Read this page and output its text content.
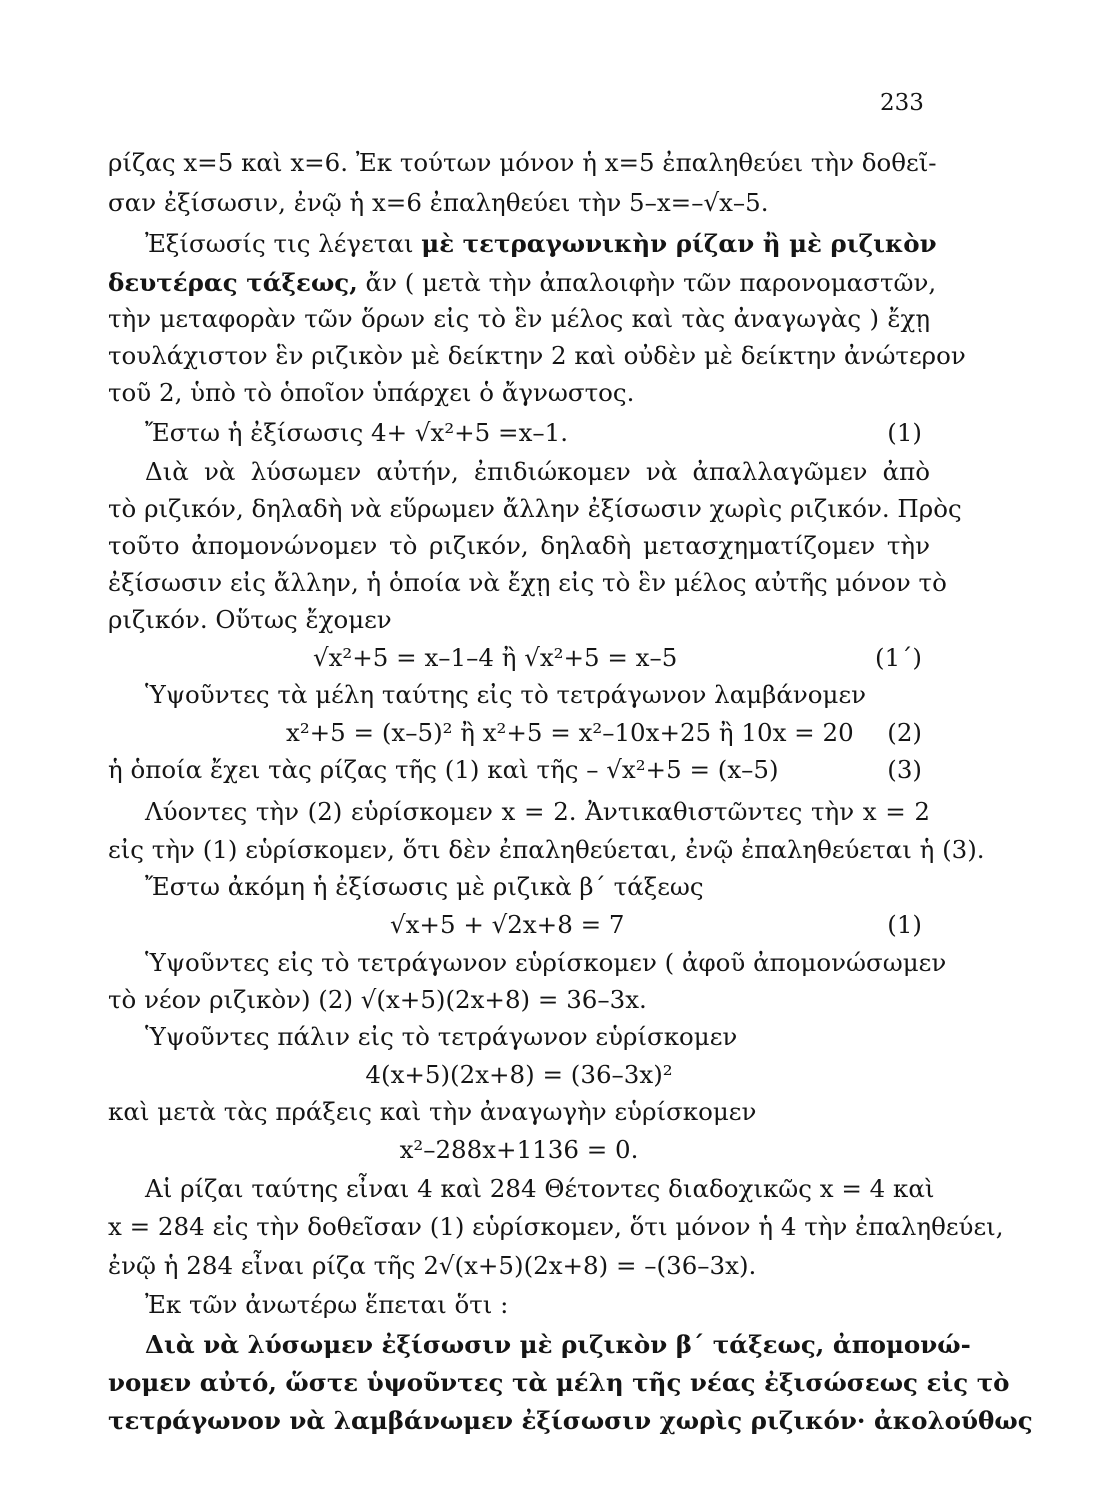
233
ρίζας x=5 καὶ x=6. Ἐκ τούτων μόνον ἡ x=5 ἐπαληθεύει τὴν δοθεῖ-
σαν ἐξίσωσιν, ἐνῷ ἡ x=6 ἐπαληθεύει τὴν 5–x=–√x–5.
Ἐξίσωσίς τις λέγεται μὲ τετραγωνικὴν ρίζαν ἢ μὲ ριζικὸν
δευτέρας τάξεως, ἄν ( μετὰ τὴν ἀπαλοιφὴν τῶν παρονομαστῶν,
τὴν μεταφορὰν τῶν ὅρων εἰς τὸ ἓν μέλος καὶ τὰς ἀναγωγὰς ) ἔχῃ
τουλάχιστον ἓν ριζικὸν μὲ δείκτην 2 καὶ οὐδὲν μὲ δείκτην ἀνώτερον
τοῦ 2, ὑπὸ τὸ ὁποῖον ὑπάρχει ὁ ἄγνωστος.
Ἔστω ἡ ἐξίσωσις 4+ √x²+5 =x–1.	(1)
Διὰ νὰ λύσωμεν αὐτήν, ἐπιδιώκομεν νὰ ἀπαλλαγῶμεν ἀπὸ
τὸ ριζικόν, δηλαδὴ νὰ εὕρωμεν ἄλλην ἐξίσωσιν χωρὶς ριζικόν. Πρὸς
τοῦτο ἀπομονώνομεν τὸ ριζικόν, δηλαδὴ μετασχηματίζομεν τὴν
ἐξίσωσιν εἰς ἄλλην, ἡ ὁποία νὰ ἔχῃ εἰς τὸ ἓν μέλος αὐτῆς μόνον τὸ
ριζικόν. Οὕτως ἔχομεν
√x²+5 = x–1–4 ἢ √x²+5 = x–5	(1΄)
Ὑψοῦντες τὰ μέλη ταύτης εἰς τὸ τετράγωνον λαμβάνομεν
x²+5 = (x–5)² ἢ x²+5 = x²–10x+25 ἢ 10x = 20 (2)
ἡ ὁποία ἔχει τὰς ρίζας τῆς (1) καὶ τῆς – √x²+5 = (x–5)	(3)
Λύοντες τὴν (2) εὑρίσκομεν x = 2. Ἀντικαθιστῶντες τὴν x = 2
εἰς τὴν (1) εὑρίσκομεν, ὅτι δὲν ἐπαληθεύεται, ἐνῷ ἐπαληθεύεται ἡ (3).
Ἔστω ἀκόμη ἡ ἐξίσωσις μὲ ριζικὰ β΄ τάξεως
√x+5 + √2x+8 = 7	(1)
Ὑψοῦντες εἰς τὸ τετράγωνον εὑρίσκομεν ( ἀφοῦ ἀπομονώσωμεν
τὸ νέον ριζικὸν) (2) √(x+5)(2x+8) = 36–3x.
Ὑψοῦντες πάλιν εἰς τὸ τετράγωνον εὑρίσκομεν
4(x+5)(2x+8) = (36–3x)²
καὶ μετὰ τὰς πράξεις καὶ τὴν ἀναγωγὴν εὑρίσκομεν
x²–288x+1136 = 0.
Αἱ ρίζαι ταύτης εἶναι 4 καὶ 284 Θέτοντες διαδοχικῶς x = 4 καὶ
x = 284 εἰς τὴν δοθεῖσαν (1) εὑρίσκομεν, ὅτι μόνον ἡ 4 τὴν ἐπαληθεύει,
ἐνῷ ἡ 284 εἶναι ρίζα τῆς 2√(x+5)(2x+8) = –(36–3x).
Ἐκ τῶν ἀνωτέρω ἕπεται ὅτι :
Διὰ νὰ λύσωμεν ἐξίσωσιν μὲ ριζικὸν β΄ τάξεως, ἀπομονώ-
νομεν αὐτό, ὥστε ὑψοῦντες τὰ μέλη τῆς νέας ἐξισώσεως εἰς τὸ
τετράγωνον νὰ λαμβάνωμεν ἐξίσωσιν χωρὶς ριζικόν· ἀκολούθως
